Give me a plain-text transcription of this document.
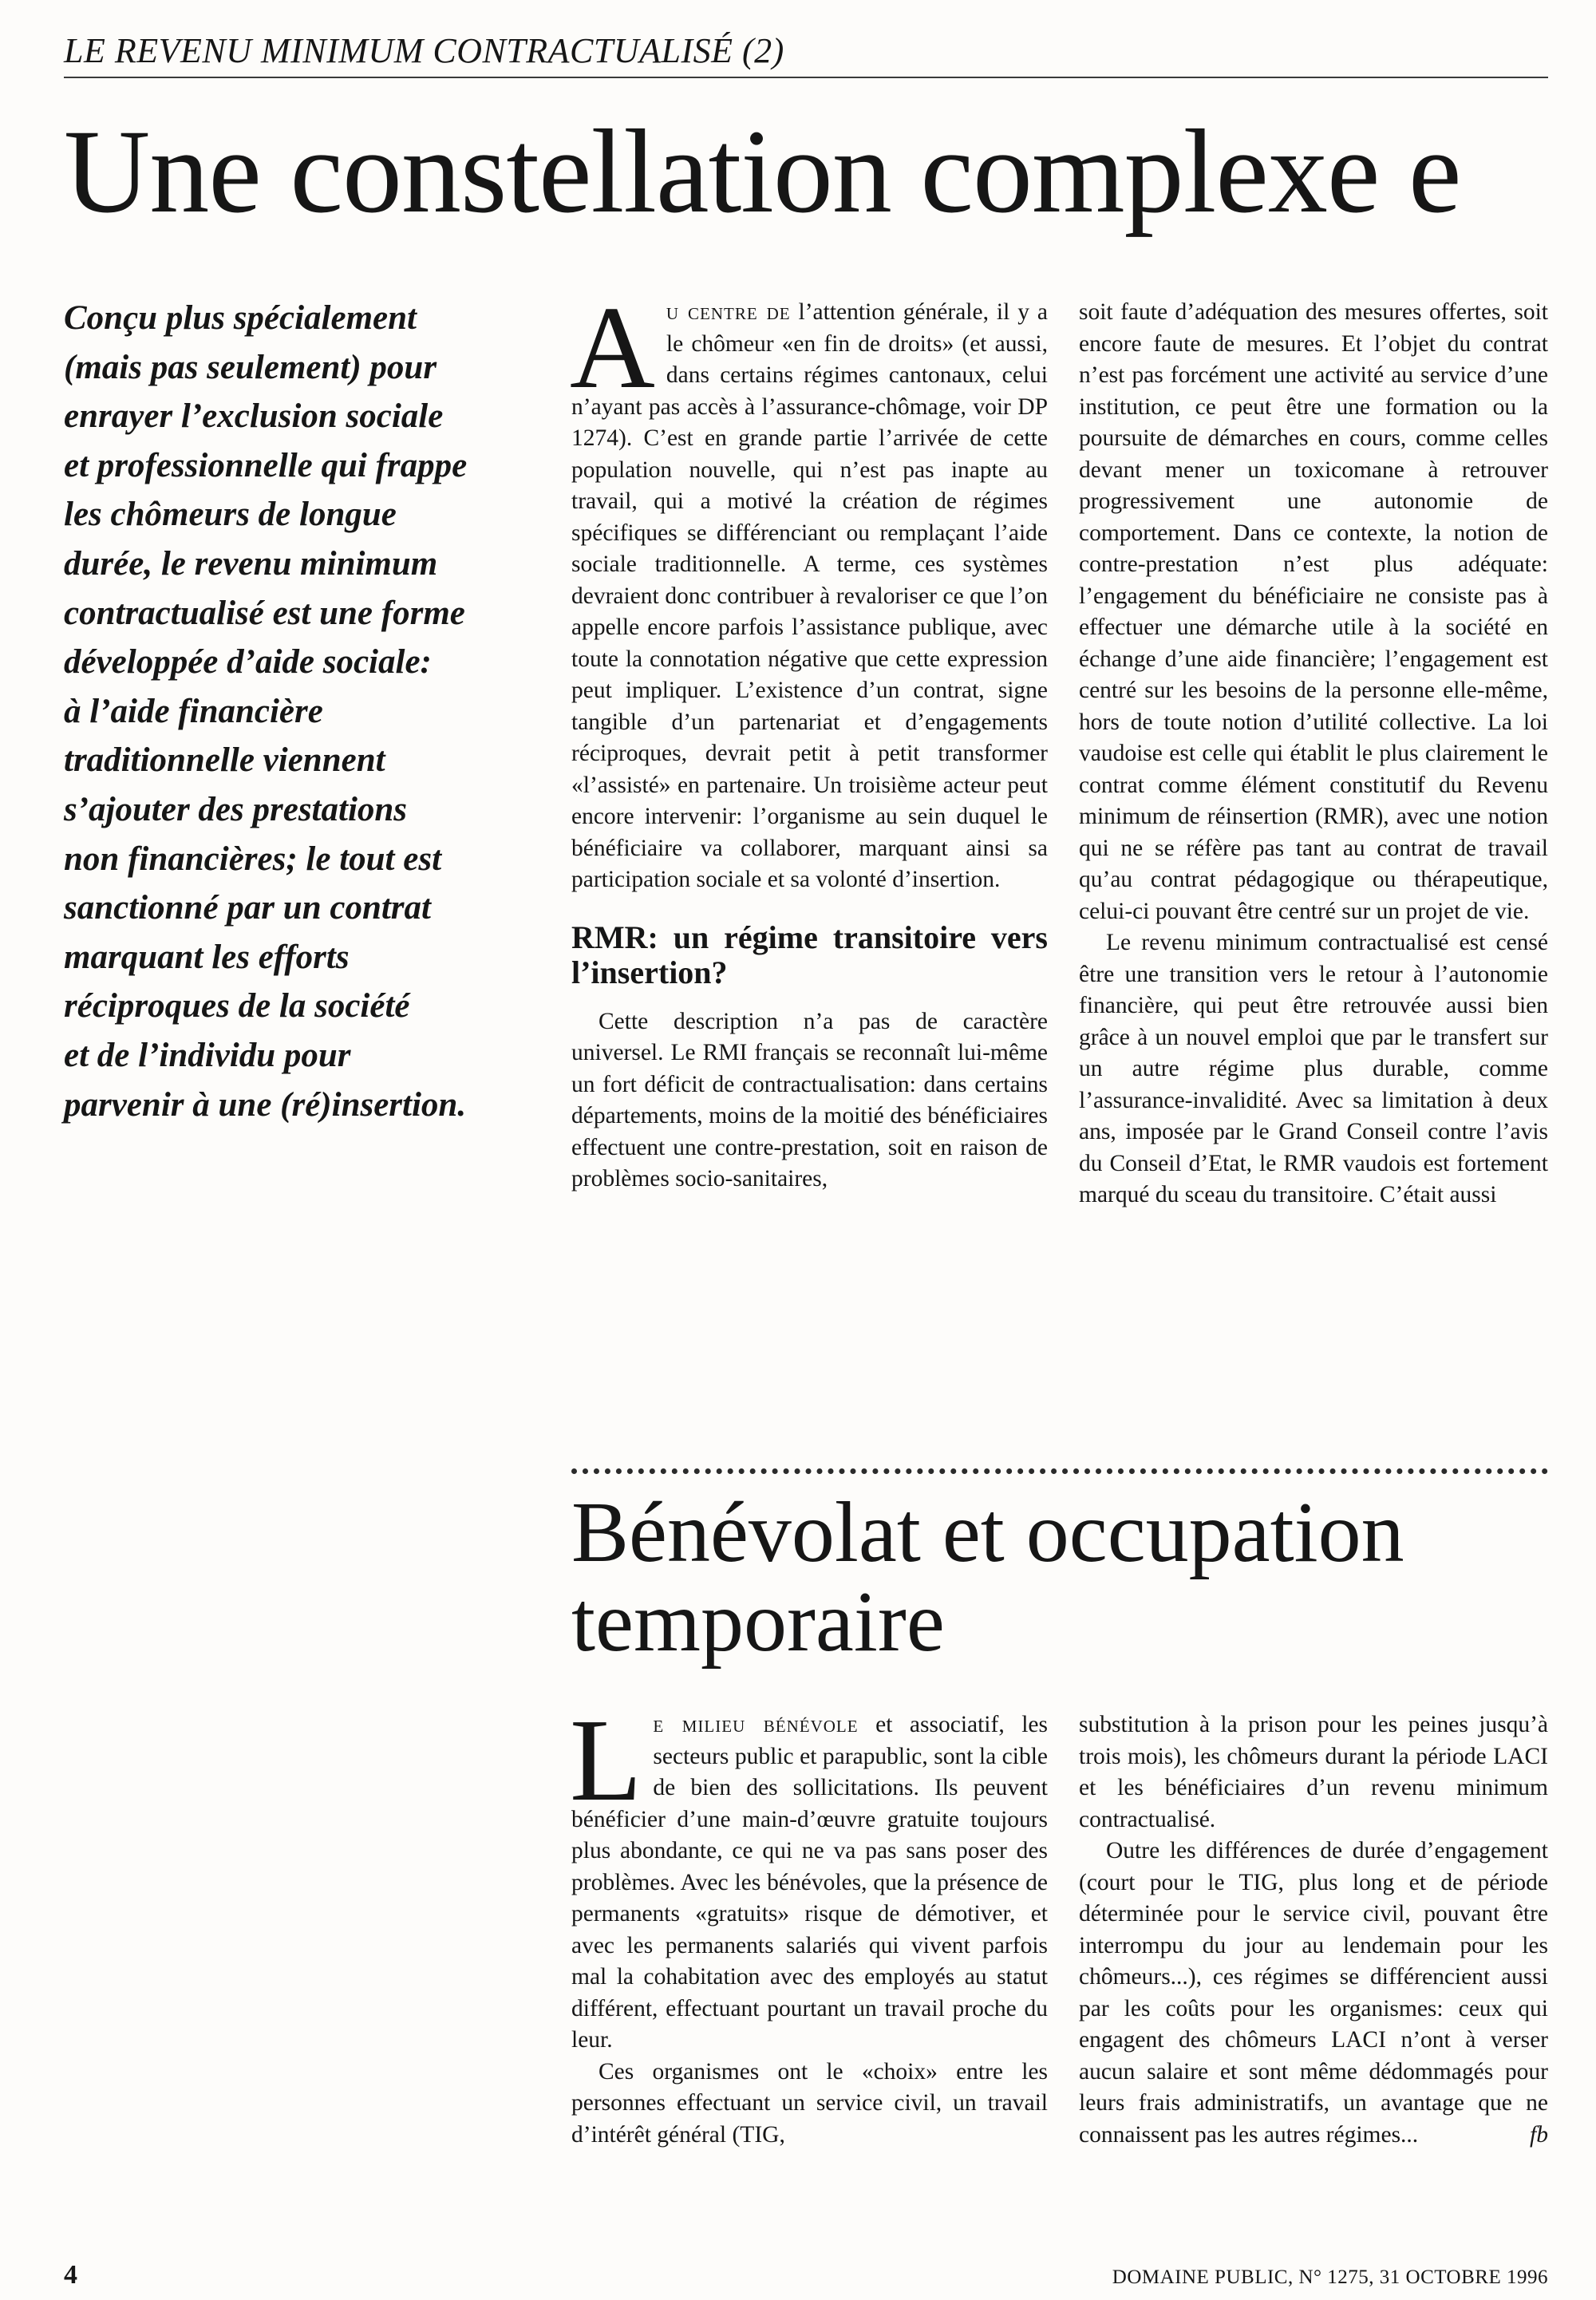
LE REVENU MINIMUM CONTRACTUALISÉ (2)
Une constellation complexe e
Conçu plus spécialement
(mais pas seulement) pour
enrayer l’exclusion sociale
et professionnelle qui frappe
les chômeurs de longue
durée, le revenu minimum
contractualisé est une forme
développée d’aide sociale:
à l’aide financière
traditionnelle viennent
s’ajouter des prestations
non financières; le tout est
sanctionné par un contrat
marquant les efforts
réciproques de la société
et de l’individu pour
parvenir à une (ré)insertion.

Au centre de l’attention générale, il y a le chômeur «en fin de droits» (et aussi, dans certains régimes cantonaux, celui n’ayant pas accès à l’assurance-chômage, voir DP 1274). C’est en grande partie l’arrivée de cette population nouvelle, qui n’est pas inapte au travail, qui a motivé la création de régimes spécifiques se différenciant ou remplaçant l’aide sociale traditionnelle. A terme, ces systèmes devraient donc contribuer à revaloriser ce que l’on appelle encore parfois l’assistance publique, avec toute la connotation négative que cette expression peut impliquer. L’existence d’un contrat, signe tangible d’un partenariat et d’engagements réciproques, devrait petit à petit transformer «l’assisté» en partenaire. Un troisième acteur peut encore intervenir: l’organisme au sein duquel le bénéficiaire va collaborer, marquant ainsi sa participation sociale et sa volonté d’insertion.

RMR: un régime transitoire vers l’insertion?

Cette description n’a pas de caractère universel. Le RMI français se reconnaît lui-même un fort déficit de contractualisation: dans certains départements, moins de la moitié des bénéficiaires effectuent une contre-prestation, soit en raison de problèmes socio-sanitaires,

soit faute d’adéquation des mesures offertes, soit encore faute de mesures. Et l’objet du contrat n’est pas forcément une activité au service d’une institution, ce peut être une formation ou la poursuite de démarches en cours, comme celles devant mener un toxicomane à retrouver progressivement une autonomie de comportement. Dans ce contexte, la notion de contre-prestation n’est plus adéquate: l’engagement du bénéficiaire ne consiste pas à effectuer une démarche utile à la société en échange d’une aide financière; l’engagement est centré sur les besoins de la personne elle-même, hors de toute notion d’utilité collective. La loi vaudoise est celle qui établit le plus clairement le contrat comme élément constitutif du Revenu minimum de réinsertion (RMR), avec une notion qui ne se réfère pas tant au contrat de travail qu’au contrat pédagogique ou thérapeutique, celui-ci pouvant être centré sur un projet de vie.

Le revenu minimum contractualisé est censé être une transition vers le retour à l’autonomie financière, qui peut être retrouvée aussi bien grâce à un nouvel emploi que par le transfert sur un autre régime plus durable, comme l’assurance-invalidité. Avec sa limitation à deux ans, imposée par le Grand Conseil contre l’avis du Conseil d’Etat, le RMR vaudois est fortement marqué du sceau du transitoire. C’était aussi

Bénévolat et occupation
temporaire

Le milieu bénévole et associatif, les secteurs public et parapublic, sont la cible de bien des sollicitations. Ils peuvent bénéficier d’une main-d’œuvre gratuite toujours plus abondante, ce qui ne va pas sans poser des problèmes. Avec les bénévoles, que la présence de permanents «gratuits» risque de démotiver, et avec les permanents salariés qui vivent parfois mal la cohabitation avec des employés au statut différent, effectuant pourtant un travail proche du leur.

Ces organismes ont le «choix» entre les personnes effectuant un service civil, un travail d’intérêt général (TIG,

substitution à la prison pour les peines jusqu’à trois mois), les chômeurs durant la période LACI et les bénéficiaires d’un revenu minimum contractualisé.

Outre les différences de durée d’engagement (court pour le TIG, plus long et de période déterminée pour le service civil, pouvant être interrompu du jour au lendemain pour les chômeurs...), ces régimes se différencient aussi par les coûts pour les organismes: ceux qui engagent des chômeurs LACI n’ont à verser aucun salaire et sont même dédommagés pour leurs frais administratifs, un avantage que ne connaissent pas les autres régimes...	fb

4	DOMAINE PUBLIC, N° 1275, 31 OCTOBRE 1996
